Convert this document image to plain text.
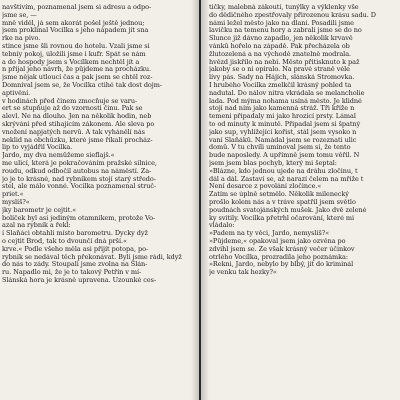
navštívím, poznamenal jsem si adresu a odpo-
jsme se, —
mně viděl, já sem akorát pošel ještě jednou;
jsem proklinal Vocílka s jeho nápadem jít sna
rke na pivo.
stínce jsme šli rovnou do hotelu. Vzali jsme si
tebníy pokoj, úložili jsme i kufr. Spát se nám
a do hospody jsem s Vocílkem nechtěl jít a
n přijal jeho návrh, že půjdeme na procházku.
jsme nějak utloucí čas a pak jsem se chtěl roz-
Domníval jsem se, že Vocílka ctihé tak dost dojm-
aptivění.
v hodinách před činem zmocňuje se varu-
ert se stupňuje až do vzornosti činu. Pak se
alevl. Ne na dlouho. Jen na několik hodin, neb
skrývání před stihajícím zákonem. Ale sleva po
vnožení napjatých nervů. A tak vyhánělí nás
neklid na obchůzku, které jsme říkali procház-
lip to vyjádřil Vocílka.
Jardo, my dva nemůžeme sieflajš.«
me ulicí, která je pokračováním pražské silnice,
roudu, odkud odbočil autobus na náměstí. Za-
jo je to krásné, nad rybníkem stojí starý středo-
stel, ale málo vonné. Vocílka poznamenal struč-
priet.«
myslíš?«
jky barometr je cejtit.«
bolíček byl asi jediným otamníkem, protože Vo-
azal na rybník a řekl:
í Slaňáci obtahli místo barometru. Dycky dyž
o cejtit Brod, tak to dvounčí dná prší.«
krve.« Podle všeho měla asi přijít potopa, po-
rybník se nedával těch překonávat. Byli jsme rádi, když
do nás to zády. Stoupali jsme zvolna na Slán-
ru. Napadlo mi, že je to takový Petřín v mí-
Slánská hora je krásně upravena. Uzounké ces-
tičky, malebná zákoutí, tunýlky a výklenky vše
do dědičného zpestřovaly přirozenou krásu sadu. D
námi ležel město jako na dlani. Posadili jsme
lavičku na temenu hory a zabrali jsme se do no
Slunce již dávno zapadlo, jen několik krvavě
vánků hořelo na západě. Pak přecházela ob
žlutozelená a na východě znatelně modrala.
hvězd jiskřilo na nebi. Město přitisknuto k paž
jakoby se o ni opíralo. Na pravé straně véle
lívy pás. Sady na Hájích, slánská Stromovka.
I hrubého Vocílka zmelkčil krásný pohled ta
nadutal. Do nálov nitra vkrádala se melancholie
lada. Pod mýma nohama usíná město. Je klidné
stojí nad ním jako kamenná stráž. Tři kříže n
temeni připadaly mi jako hrozící prsty. Lámal
to od minuty k minutě. Připadal jsem si špatný
jako sup, vyhlížející kořist, stál jsem vysoko n
vaní Slaňáků. Namádal jsem se rozeznati ulic
domů. V tu chvíli umínoval jsem si, že tento
bude naposledy. A upřímně jsem tomu věřil. N
jsem jsem blas pochyb, který mi šeptal:
»Blázne, kdo jednou ujede na dráhu zločinu, t
dál a dál. Zastaví se, až narazí čelem na mříže t
Není desarce z povolání zločince.«
Zatím se úplně setmělo. Několik milenecký
prošlo kolem nás a v tráve spatřil jsem světlo
poudnách svatojánských mušek. Jako dvě zelené
ky svítily. Vocílka přetrhl očarování, které mi
vládalo:
»Padem na ty věci, Jardo, nemyslíš?«
»Půjdeme,« opakoval jsem jako ozvěna po
zdvihl jsem se. Že však krásný večer účinkov
otrlého Vocílka, prozradila jeho poznámka:
»Rekni, Jardo, nebylo by blbý, jít do kriminál
je venku tak hezky?«
